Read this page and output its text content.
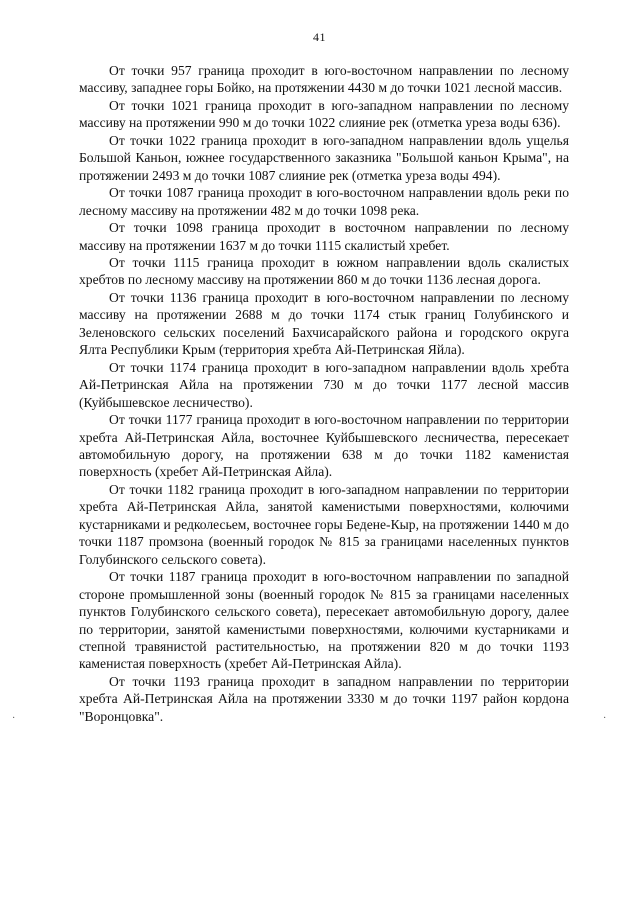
41

От точки 957 граница проходит в юго-восточном направлении по лесному массиву, западнее горы Бойко, на протяжении 4430 м до точки 1021 лесной массив.

От точки 1021 граница проходит в юго-западном направлении по лесному массиву на протяжении 990 м до точки 1022 слияние рек (отметка уреза воды 636).

От точки 1022 граница проходит в юго-западном направлении вдоль ущелья Большой Каньон, южнее государственного заказника "Большой каньон Крыма", на протяжении 2493 м до точки 1087 слияние рек (отметка уреза воды 494).

От точки 1087 граница проходит в юго-восточном направлении вдоль реки по лесному массиву на протяжении 482 м до точки 1098 река.

От точки 1098 граница проходит в восточном направлении по лесному массиву на протяжении 1637 м до точки 1115 скалистый хребет.

От точки 1115 граница проходит в южном направлении вдоль скалистых хребтов по лесному массиву на протяжении 860 м до точки 1136 лесная дорога.

От точки 1136 граница проходит в юго-восточном направлении по лесному массиву на протяжении 2688 м до точки 1174 стык границ Голубинского и Зеленовского сельских поселений Бахчисарайского района и городского округа Ялта Республики Крым (территория хребта Ай-Петринская Яйла).

От точки 1174 граница проходит в юго-западном направлении вдоль хребта Ай-Петринская Айла на протяжении 730 м до точки 1177 лесной массив (Куйбышевское лесничество).

От точки 1177 граница проходит в юго-восточном направлении по территории хребта Ай-Петринская Айла, восточнее Куйбышевского лесничества, пересекает автомобильную дорогу, на протяжении 638 м до точки 1182 каменистая поверхность (хребет Ай-Петринская Айла).

От точки 1182 граница проходит в юго-западном направлении по территории хребта Ай-Петринская Айла, занятой каменистыми поверхностями, колючими кустарниками и редколесьем, восточнее горы Бедене-Кыр, на протяжении 1440 м до точки 1187 промзона (военный городок № 815 за границами населенных пунктов Голубинского сельского совета).

От точки 1187 граница проходит в юго-восточном направлении по западной стороне промышленной зоны (военный городок № 815 за границами населенных пунктов Голубинского сельского совета), пересекает автомобильную дорогу, далее по территории, занятой каменистыми поверхностями, колючими кустарниками и степной травянистой растительностью, на протяжении 820 м до точки 1193 каменистая поверхность (хребет Ай-Петринская Айла).

От точки 1193 граница проходит в западном направлении по территории хребта Ай-Петринская Айла на протяжении 3330 м до точки 1197 район кордона "Воронцовка".

·	·
